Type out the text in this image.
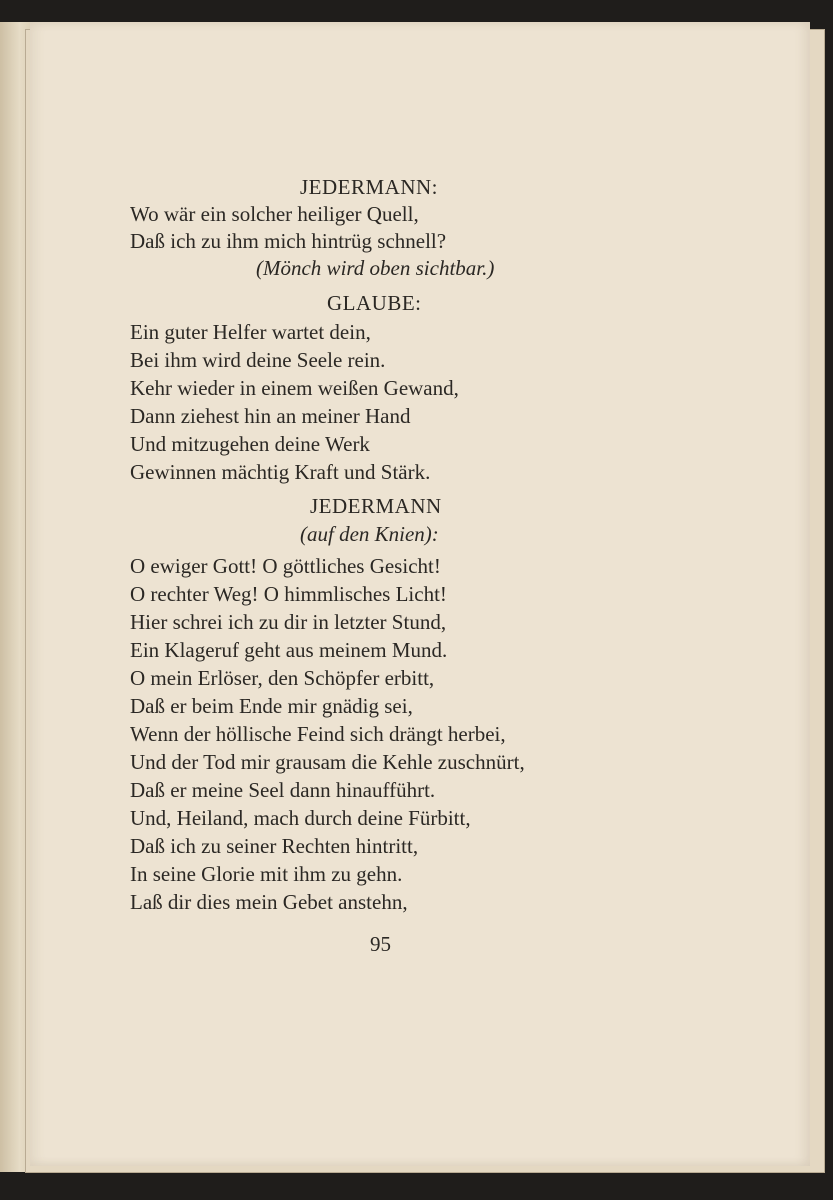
JEDERMANN:
Wo wär ein solcher heiliger Quell,
Daß ich zu ihm mich hintrüg schnell?
(Mönch wird oben sichtbar.)
GLAUBE:
Ein guter Helfer wartet dein,
Bei ihm wird deine Seele rein.
Kehr wieder in einem weißen Gewand,
Dann ziehest hin an meiner Hand
Und mitzugehen deine Werk
Gewinnen mächtig Kraft und Stärk.
JEDERMANN
(auf den Knien):
O ewiger Gott! O göttliches Gesicht!
O rechter Weg! O himmlisches Licht!
Hier schrei ich zu dir in letzter Stund,
Ein Klageruf geht aus meinem Mund.
O mein Erlöser, den Schöpfer erbitt,
Daß er beim Ende mir gnädig sei,
Wenn der höllische Feind sich drängt herbei,
Und der Tod mir grausam die Kehle zuschnürt,
Daß er meine Seel dann hinaufführt.
Und, Heiland, mach durch deine Fürbitt,
Daß ich zu seiner Rechten hintritt,
In seine Glorie mit ihm zu gehn.
Laß dir dies mein Gebet anstehn,
95
